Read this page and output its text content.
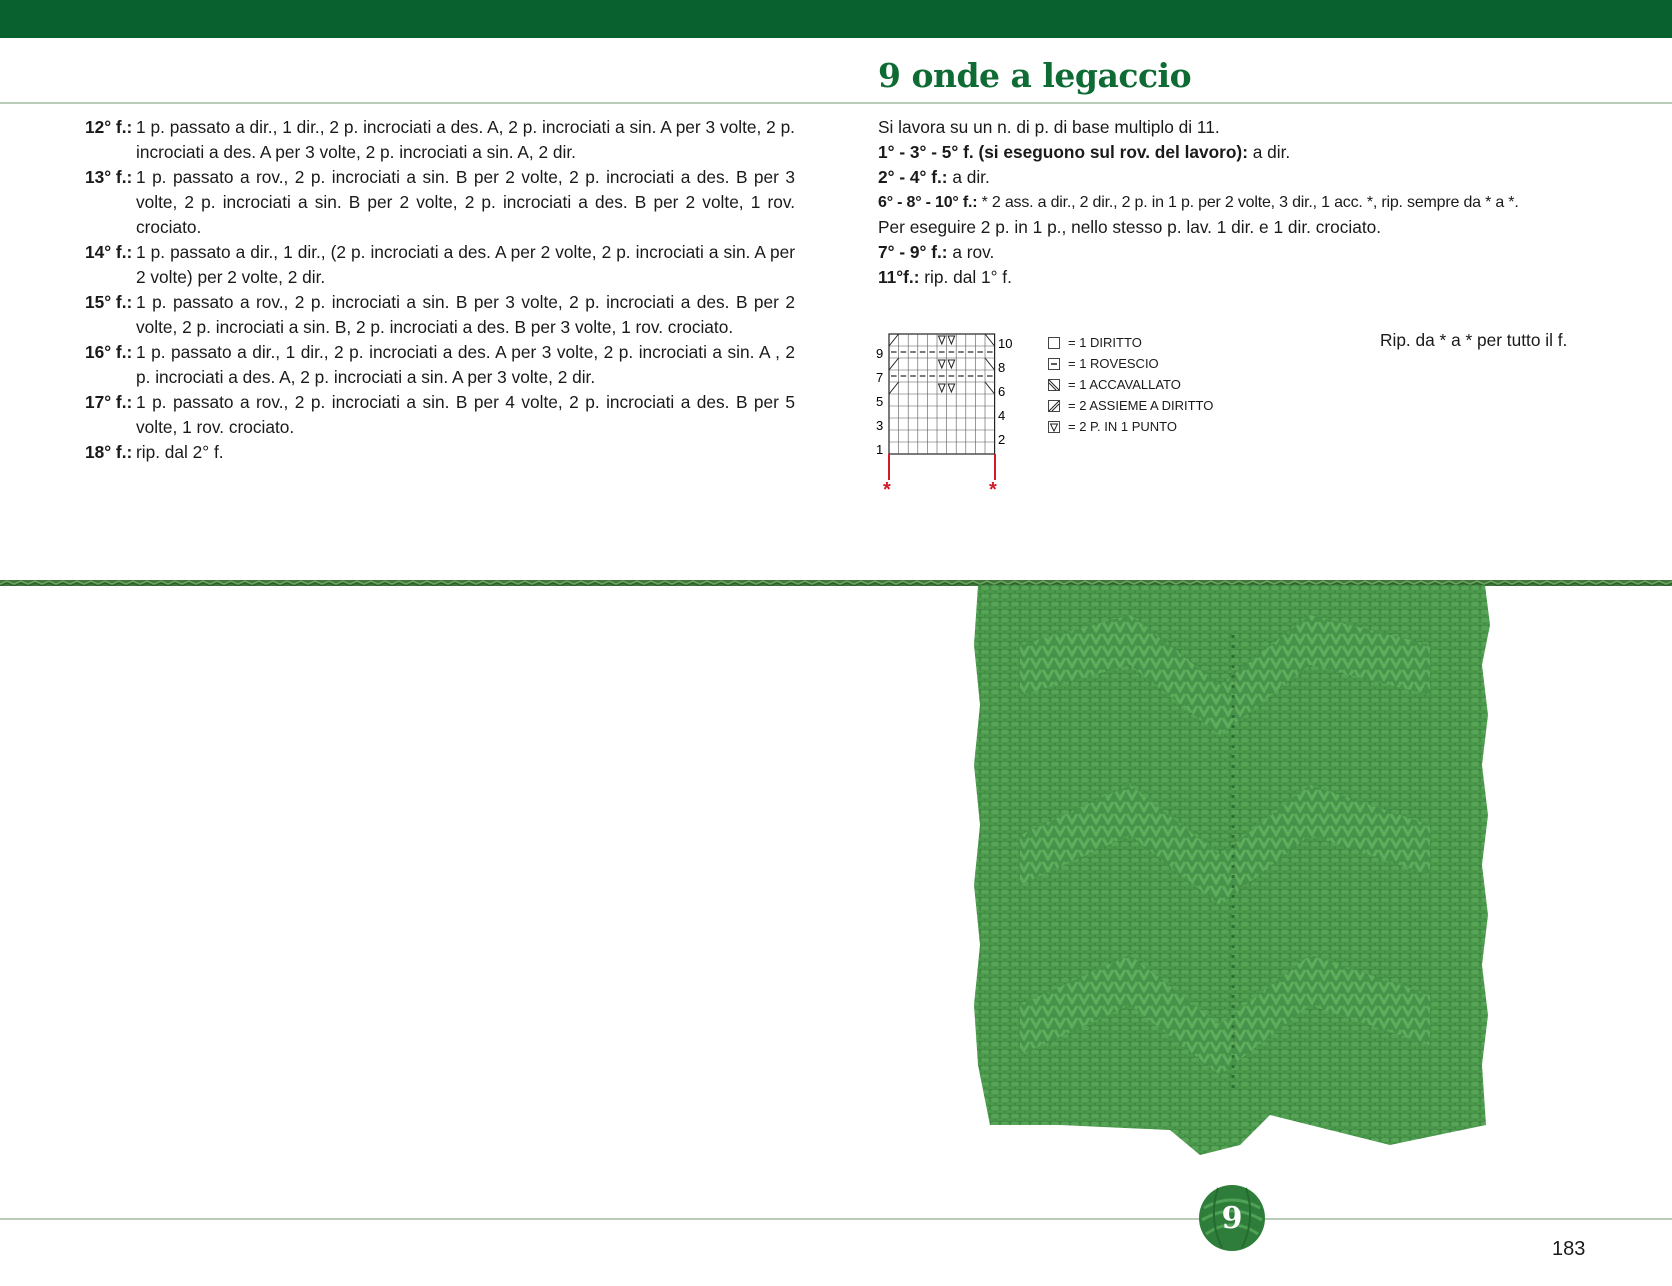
9 onde a legaccio

12° f.: 1 p. passato a dir., 1 dir., 2 p. incrociati a des. A, 2 p. incrociati a sin. A per 3 volte, 2 p. incrociati a des. A per 3 volte, 2 p. incrociati a sin. A, 2 dir.

13° f.: 1 p. passato a rov., 2 p. incrociati a sin. B per 2 volte, 2 p. incrociati a des. B per 3 volte, 2 p. incrociati a sin. B per 2 volte, 2 p. incrociati a des. B per 2 volte, 1 rov. crociato.

14° f.: 1 p. passato a dir., 1 dir., (2 p. incrociati a des. A per 2 volte, 2 p. incrociati a sin. A per 2 volte) per 2 volte, 2 dir.

15° f.: 1 p. passato a rov., 2 p. incrociati a sin. B per 3 volte, 2 p. incrociati a des. B per 2 volte, 2 p. incrociati a sin. B, 2 p. incrociati a des. B per 3 volte, 1 rov. crociato.

16° f.: 1 p. passato a dir., 1 dir., 2 p. incrociati a des. A per 3 volte, 2 p. incrociati a sin. A , 2 p. incrociati a des. A, 2 p. incrociati a sin. A per 3 volte, 2 dir.

17° f.: 1 p. passato a rov., 2 p. incrociati a sin. B per 4 volte, 2 p. incrociati a des. B per 5 volte, 1 rov. crociato.

18° f.: rip. dal 2° f.

Si lavora su un n. di p. di base multiplo di 11.

1° - 3° - 5° f. (si eseguono sul rov. del lavoro): a dir.

2° - 4° f.: a dir.

6° - 8° - 10° f.: * 2 ass. a dir., 2 dir., 2 p. in 1 p. per 2 volte, 3 dir., 1 acc. *, rip. sempre da * a *.

Per eseguire 2 p. in 1 p., nello stesso p. lav. 1 dir. e 1 dir. crociato.

7° - 9° f.: a rov.

11°f.: rip. dal 1° f.

9
7
5
3
1
10
8
6
4
2
*	*
= 1 DIRITTO
= 1 ROVESCIO
= 1 ACCAVALLATO
= 2 ASSIEME A DIRITTO
= 2 P. IN 1 PUNTO
Rip. da * a * per tutto il f.
9
183
